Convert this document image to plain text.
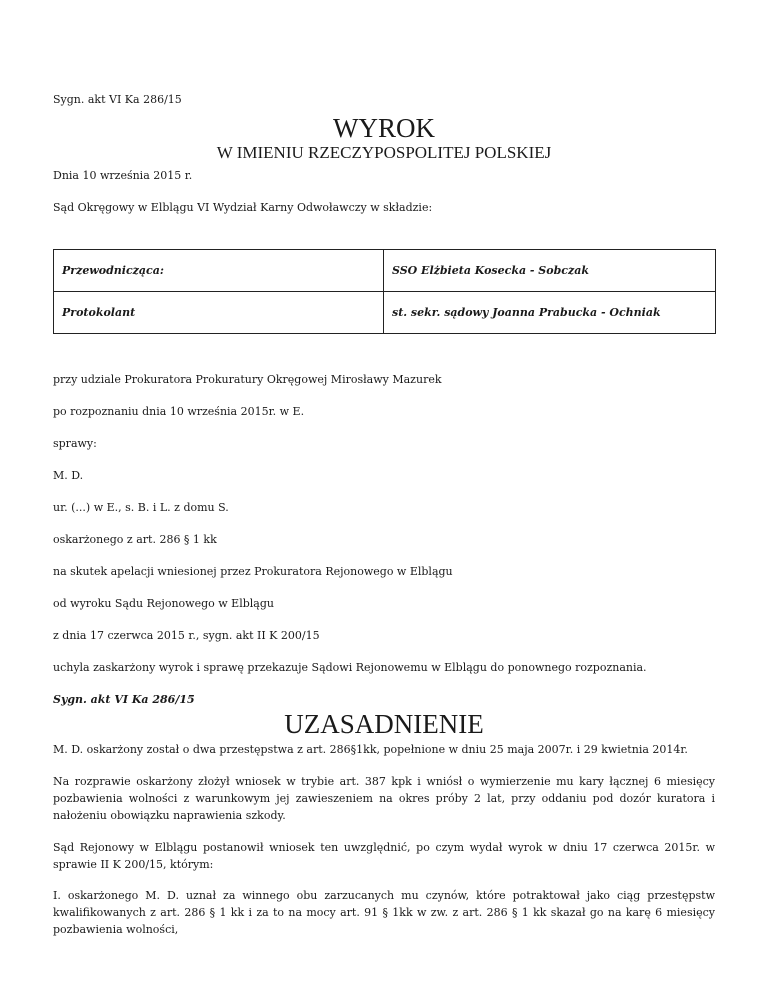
Sygn. akt VI Ka 286/15
WYROK
W IMIENIU RZECZYPOSPOLITEJ POLSKIEJ
Dnia 10 września 2015 r.
Sąd Okręgowy w Elblągu VI Wydział Karny Odwoławczy w składzie:
Przewodnicząca:	SSO Elżbieta Kosecka - Sobczak
Protokolant	st. sekr. sądowy Joanna Prabucka - Ochniak
przy udziale Prokuratora Prokuratury Okręgowej Mirosławy Mazurek
po rozpoznaniu dnia 10 września 2015r. w E.
sprawy:
M. D.
ur. (...) w E., s. B. i L. z domu S.
oskarżonego z art. 286 § 1 kk
na skutek apelacji wniesionej przez Prokuratora Rejonowego w Elblągu
od wyroku Sądu Rejonowego w Elblągu
z dnia 17 czerwca 2015 r., sygn. akt II K 200/15
uchyla zaskarżony wyrok i sprawę przekazuje Sądowi Rejonowemu w Elblągu do ponownego rozpoznania.
Sygn. akt VI Ka 286/15
UZASADNIENIE
M. D. oskarżony został o dwa przestępstwa z art. 286§1kk, popełnione w dniu 25 maja 2007r. i 29 kwietnia 2014r.
Na rozprawie oskarżony złożył wniosek w trybie art. 387 kpk i wniósł o wymierzenie mu kary łącznej 6 miesięcy pozbawienia wolności z warunkowym jej zawieszeniem na okres próby 2 lat, przy oddaniu pod dozór kuratora i nałożeniu obowiązku naprawienia szkody.
Sąd Rejonowy w Elblągu postanowił wniosek ten uwzględnić, po czym wydał wyrok w dniu 17 czerwca 2015r. w sprawie II K 200/15, którym:
I. oskarżonego M. D. uznał za winnego obu zarzucanych mu czynów, które potraktował jako ciąg przestępstw kwalifikowanych z art. 286 § 1 kk i za to na mocy art. 91 § 1kk w zw. z art. 286 § 1 kk skazał go na karę 6 miesięcy pozbawienia wolności,
